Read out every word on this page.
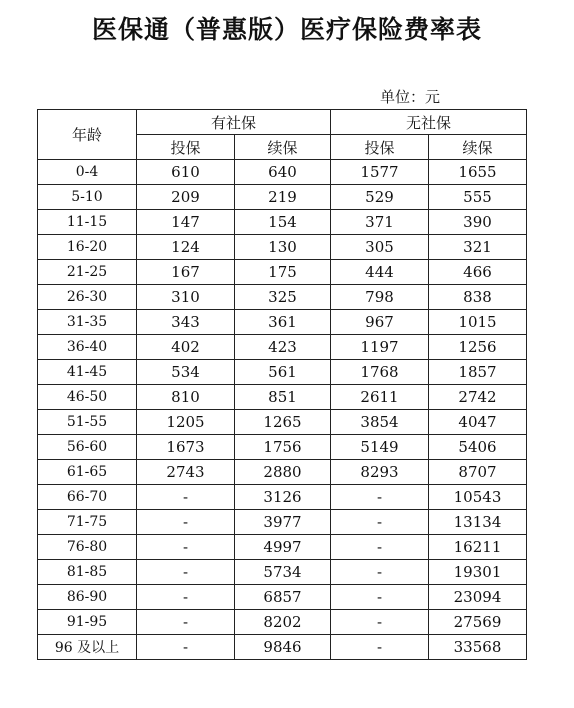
医保通（普惠版）医疗保险费率表
单位：元
年龄	有社保		无社保	
	投保	续保	投保	续保
0-4	610	640	1577	1655
5-10	209	219	529	555
11-15	147	154	371	390
16-20	124	130	305	321
21-25	167	175	444	466
26-30	310	325	798	838
31-35	343	361	967	1015
36-40	402	423	1197	1256
41-45	534	561	1768	1857
46-50	810	851	2611	2742
51-55	1205	1265	3854	4047
56-60	1673	1756	5149	5406
61-65	2743	2880	8293	8707
66-70	-	3126	-	10543
71-75	-	3977	-	13134
76-80	-	4997	-	16211
81-85	-	5734	-	19301
86-90	-	6857	-	23094
91-95	-	8202	-	27569
96 及以上	-	9846	-	33568
